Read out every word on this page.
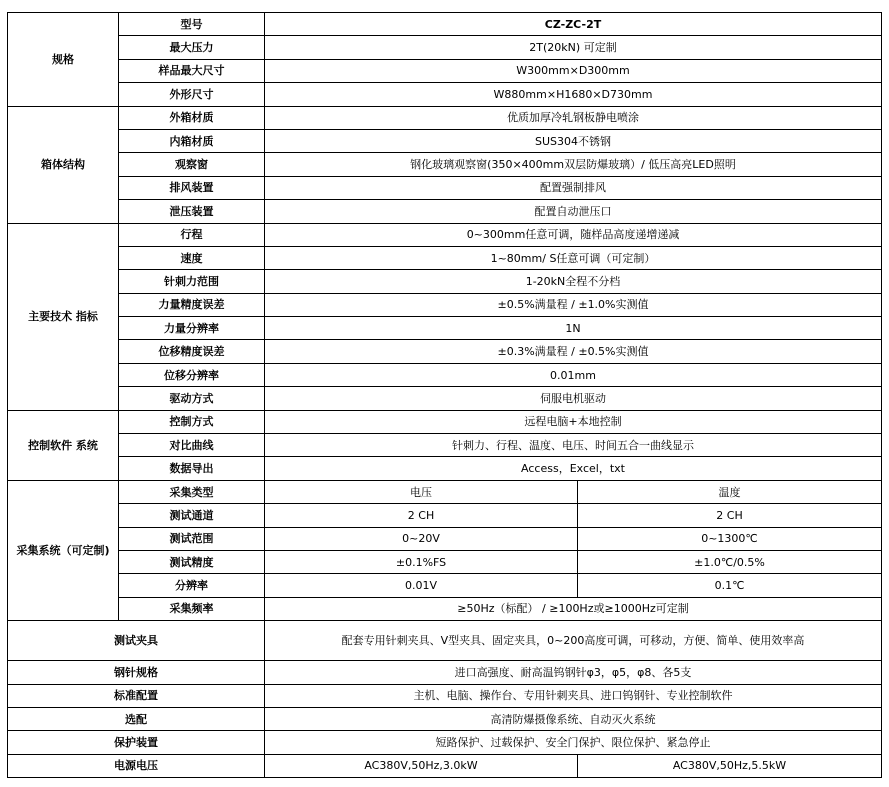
规格	型号	CZ-ZC-2T	
	最大压力	2T(20kN) 可定制	
	样品最大尺寸	W300mm×D300mm	
	外形尺寸	W880mm×H1680×D730mm	
箱体结构	外箱材质	优质加厚冷轧钢板静电喷涂	
	内箱材质	SUS304不锈钢	
	观察窗	钢化玻璃观察窗(350×400mm双层防爆玻璃）/ 低压高亮LED照明	
	排风装置	配置强制排风	
	泄压装置	配置自动泄压口	
主要技术 指标	行程	0~300mm任意可调，随样品高度递增递减	
	速度	1~80mm/ S任意可调（可定制）	
	针刺力范围	1-20kN全程不分档	
	力量精度误差	±0.5%满量程 / ±1.0%实测值	
	力量分辨率	1N	
	位移精度误差	±0.3%满量程 / ±0.5%实测值	
	位移分辨率	0.01mm	
	驱动方式	伺服电机驱动	
控制软件 系统	控制方式	远程电脑+本地控制	
	对比曲线	针刺力、行程、温度、电压、时间五合一曲线显示	
	数据导出	Access，Excel，txt	
采集系统（可定制)	采集类型	电压	温度
	测试通道	2 CH	2 CH
	测试范围	0~20V	0~1300℃
	测试精度	±0.1%FS	±1.0℃/0.5%
	分辨率	0.01V	0.1℃
	采集频率	≥50Hz（标配） / ≥100Hz或≥1000Hz可定制	
测试夹具		配套专用针刺夹具、V型夹具、固定夹具，0~200高度可调，可移动，方便、简单、使用效率高	
钢针规格		进口高强度、耐高温钨钢针φ3，φ5，φ8、各5支	
标准配置		主机、电脑、操作台、专用针刺夹具、进口钨钢针、专业控制软件	
选配		高清防爆摄像系统、自动灭火系统	
保护装置		短路保护、过载保护、安全门保护、限位保护、紧急停止	
电源电压		AC380V,50Hz,3.0kW	AC380V,50Hz,5.5kW
